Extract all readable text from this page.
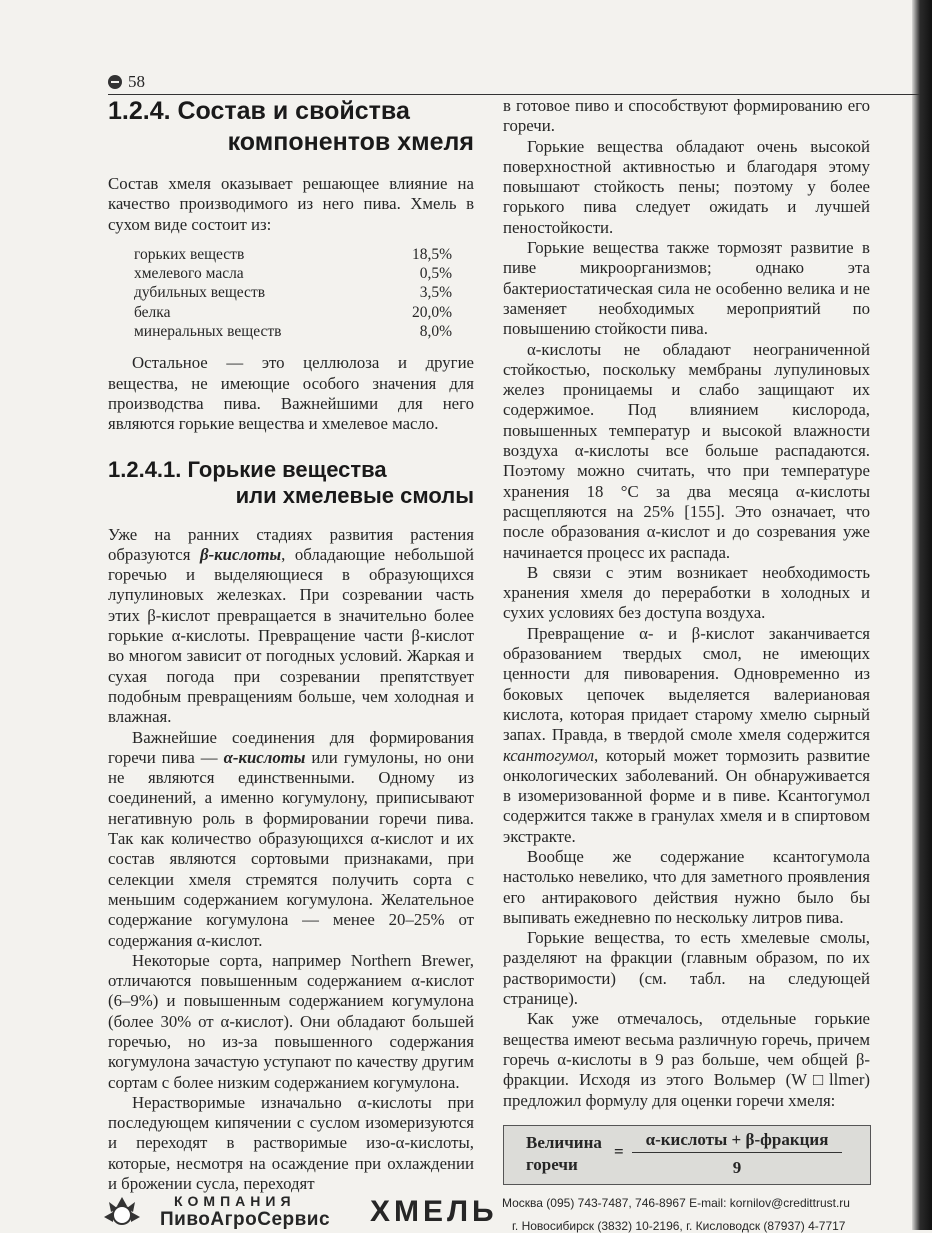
58
1.2.4. Состав и свойства
компонентов хмеля

Состав хмеля оказывает решающее влияние на качество производимого из него пива. Хмель в сухом виде состоит из:

горьких веществ	18,5%
хмелевого масла	0,5%
дубильных веществ	3,5%
белка	20,0%
минеральных веществ	8,0%

Остальное — это целлюлоза и другие вещества, не имеющие особого значения для производства пива. Важнейшими для него являются горькие вещества и хмелевое масло.

1.2.4.1. Горькие вещества
или хмелевые смолы

Уже на ранних стадиях развития растения образуются β-кислоты, обладающие небольшой горечью и выделяющиеся в образующихся лупулиновых железках. При созревании часть этих β-кислот превращается в значительно более горькие α-кислоты. Превращение части β-кислот во многом зависит от погодных условий. Жаркая и сухая погода при созревании препятствует подобным превращениям больше, чем холодная и влажная.

Важнейшие соединения для формирования горечи пива — α-кислоты или гумулоны, но они не являются единственными. Одному из соединений, а именно когумулону, приписывают негативную роль в формировании горечи пива. Так как количество образующихся α-кислот и их состав являются сортовыми признаками, при селекции хмеля стремятся получить сорта с меньшим содержанием когумулона. Желательное содержание когумулона — менее 20–25% от содержания α-кислот.

Некоторые сорта, например Northern Brewer, отличаются повышенным содержанием α-кислот (6–9%) и повышенным содержанием когумулона (более 30% от α-кислот). Они обладают большей горечью, но из-за повышенного содержания когумулона зачастую уступают по качеству другим сортам с более низким содержанием когумулона.

Нерастворимые изначально α-кислоты при последующем кипячении с суслом изомеризуются и переходят в растворимые изо-α-кислоты, которые, несмотря на осаждение при охлаждении и брожении сусла, переходят

в готовое пиво и способствуют формированию его горечи.

Горькие вещества обладают очень высокой поверхностной активностью и благодаря этому повышают стойкость пены; поэтому у более горького пива следует ожидать и лучшей пеностойкости.

Горькие вещества также тормозят развитие в пиве микроорганизмов; однако эта бактериостатическая сила не особенно велика и не заменяет необходимых мероприятий по повышению стойкости пива.

α-кислоты не обладают неограниченной стойкостью, поскольку мембраны лупулиновых желез проницаемы и слабо защищают их содержимое. Под влиянием кислорода, повышенных температур и высокой влажности воздуха α-кислоты все больше распадаются. Поэтому можно считать, что при температуре хранения 18 °С за два месяца α-кислоты расщепляются на 25% [155]. Это означает, что после образования α-кислот и до созревания уже начинается процесс их распада.

В связи с этим возникает необходимость хранения хмеля до переработки в холодных и сухих условиях без доступа воздуха.

Превращение α- и β-кислот заканчивается образованием твердых смол, не имеющих ценности для пивоварения. Одновременно из боковых цепочек выделяется валериановая кислота, которая придает старому хмелю сырный запах. Правда, в твердой смоле хмеля содержится ксантогумол, который может тормозить развитие онкологических заболеваний. Он обнаруживается в изомеризованной форме и в пиве. Ксантогумол содержится также в гранулах хмеля и в спиртовом экстракте.

Вообще же содержание ксантогумола настолько невелико, что для заметного проявления его антиракового действия нужно было бы выпивать ежедневно по нескольку литров пива.

Горькие вещества, то есть хмелевые смолы, разделяют на фракции (главным образом, по их растворимости) (см. табл. на следующей странице).

Как уже отмечалось, отдельные горькие вещества имеют весьма различную горечь, причем горечь α-кислоты в 9 раз больше, чем общей β-фракции. Исходя из этого Вольмер (W□llmer) предложил формулу для оценки горечи хмеля:

Величина
горечи
=
α-кислоты + β-фракция
9
КОМПАНИЯ
ПивоАгроСервис ХМЕЛЬ Москва (095) 743-7487, 746-8967 E-mail: kornilov@credittrust.ru
г. Новосибирск (3832) 10-2196, г. Кисловодск (87937) 4-7717
